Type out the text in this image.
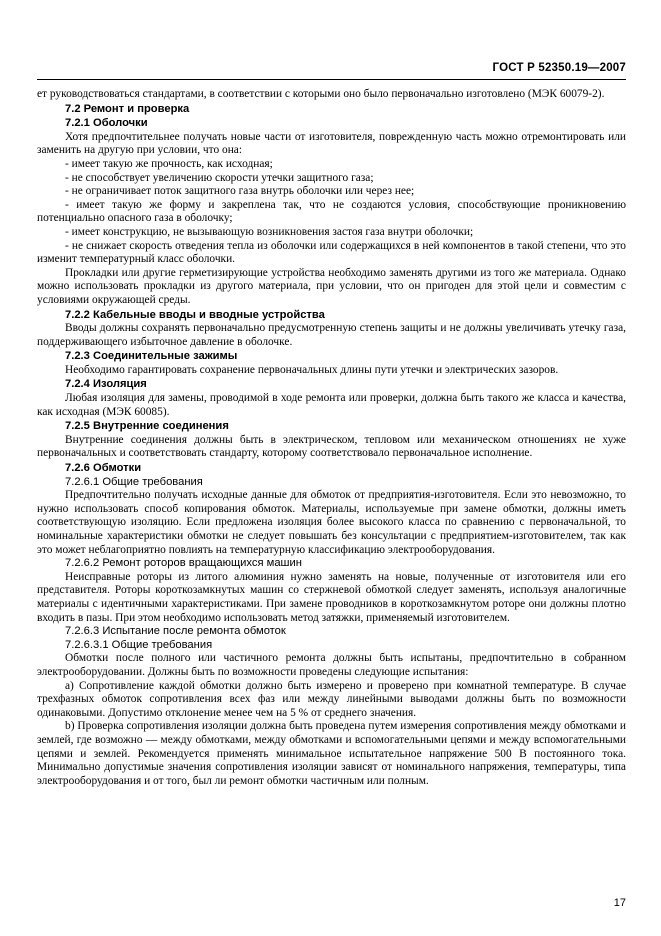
ГОСТ Р 52350.19—2007

ет руководствоваться стандартами, в соответствии с которыми оно было первоначально изготовлено (МЭК 60079-2).

7.2 Ремонт и проверка

7.2.1 Оболочки

Хотя предпочтительнее получать новые части от изготовителя, поврежденную часть можно отремонтировать или заменить на другую при условии, что она:

- имеет такую же прочность, как исходная;

- не способствует увеличению скорости утечки защитного газа;

- не ограничивает поток защитного газа внутрь оболочки или через нее;

- имеет такую же форму и закреплена так, что не создаются условия, способствующие проникновению потенциально опасного газа в оболочку;

- имеет конструкцию, не вызывающую возникновения застоя газа внутри оболочки;

- не снижает скорость отведения тепла из оболочки или содержащихся в ней компонентов в такой степени, что это изменит температурный класс оболочки.

Прокладки или другие герметизирующие устройства необходимо заменять другими из того же материала. Однако можно использовать прокладки из другого материала, при условии, что он пригоден для этой цели и совместим с условиями окружающей среды.

7.2.2 Кабельные вводы и вводные устройства

Вводы должны сохранять первоначально предусмотренную степень защиты и не должны увеличивать утечку газа, поддерживающего избыточное давление в оболочке.

7.2.3 Соединительные зажимы

Необходимо гарантировать сохранение первоначальных длины пути утечки и электрических зазоров.

7.2.4 Изоляция

Любая изоляция для замены, проводимой в ходе ремонта или проверки, должна быть такого же класса и качества, как исходная (МЭК 60085).

7.2.5 Внутренние соединения

Внутренние соединения должны быть в электрическом, тепловом или механическом отношениях не хуже первоначальных и соответствовать стандарту, которому соответствовало первоначальное исполнение.

7.2.6 Обмотки

7.2.6.1 Общие требования

Предпочтительно получать исходные данные для обмоток от предприятия-изготовителя. Если это невозможно, то нужно использовать способ копирования обмоток. Материалы, используемые при замене обмотки, должны иметь соответствующую изоляцию. Если предложена изоляция более высокого класса по сравнению с первоначальной, то номинальные характеристики обмотки не следует повышать без консультации с предприятием-изготовителем, так как это может неблагоприятно повлиять на температурную классификацию электрооборудования.

7.2.6.2 Ремонт роторов вращающихся машин

Неисправные роторы из литого алюминия нужно заменять на новые, полученные от изготовителя или его представителя. Роторы короткозамкнутых машин со стержневой обмоткой следует заменять, используя аналогичные материалы с идентичными характеристиками. При замене проводников в короткозамкнутом роторе они должны плотно входить в пазы. При этом необходимо использовать метод затяжки, применяемый изготовителем.

7.2.6.3 Испытание после ремонта обмоток

7.2.6.3.1 Общие требования

Обмотки после полного или частичного ремонта должны быть испытаны, предпочтительно в собранном электрооборудовании. Должны быть по возможности проведены следующие испытания:

a) Сопротивление каждой обмотки должно быть измерено и проверено при комнатной температуре. В случае трехфазных обмоток сопротивления всех фаз или между линейными выводами должны быть по возможности одинаковыми. Допустимо отклонение менее чем на 5 % от среднего значения.

b) Проверка сопротивления изоляции должна быть проведена путем измерения сопротивления между обмотками и землей, где возможно — между обмотками, между обмотками и вспомогательными цепями и между вспомогательными цепями и землей. Рекомендуется применять минимальное испытательное напряжение 500 В постоянного тока. Минимально допустимые значения сопротивления изоляции зависят от номинального напряжения, температуры, типа электрооборудования и от того, был ли ремонт обмотки частичным или полным.

17
